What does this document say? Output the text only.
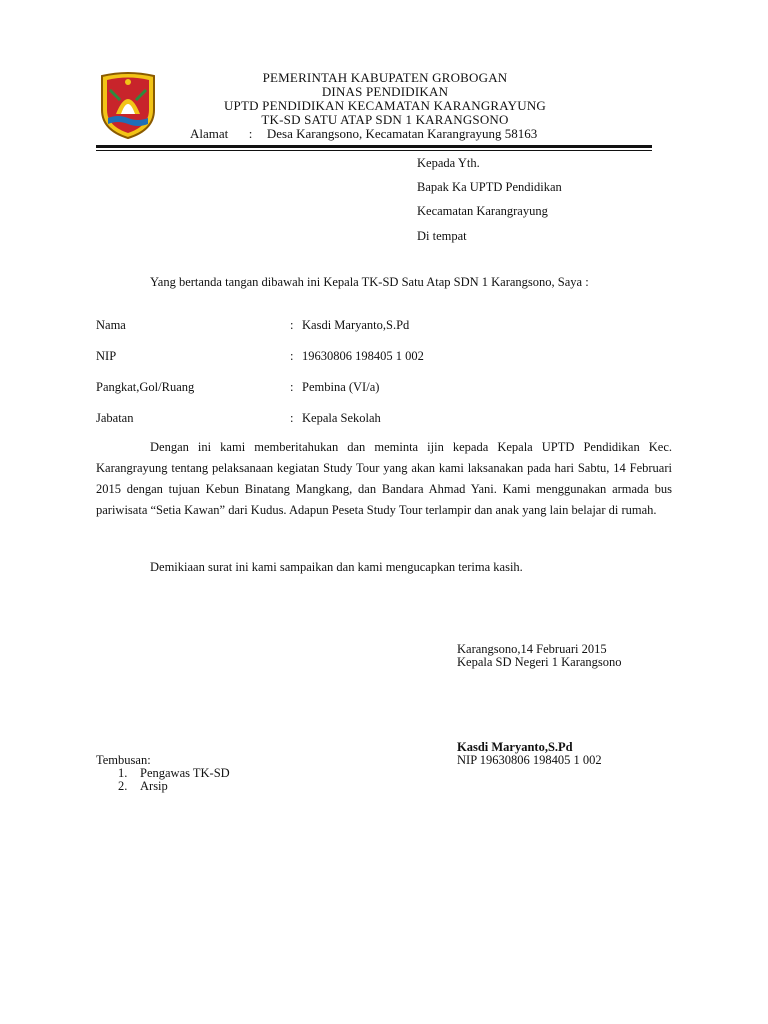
PEMERINTAH KABUPATEN GROBOGAN
DINAS PENDIDIKAN
UPTD PENDIDIKAN KECAMATAN KARANGRAYUNG
TK-SD SATU ATAP SDN 1 KARANGSONO
Alamat : Desa Karangsono, Kecamatan Karangrayung 58163
Kepada Yth.
Bapak Ka UPTD Pendidikan
Kecamatan Karangrayung
Di tempat
Yang bertanda tangan dibawah ini Kepala TK-SD Satu Atap SDN 1 Karangsono, Saya :
Nama	: Kasdi Maryanto,S.Pd
NIP	: 19630806 198405 1 002
Pangkat,Gol/Ruang	: Pembina (VI/a)
Jabatan	: Kepala Sekolah
Dengan ini kami memberitahukan dan meminta ijin kepada Kepala UPTD Pendidikan Kec. Karangrayung tentang pelaksanaan kegiatan Study Tour yang akan kami laksanakan pada hari Sabtu, 14 Februari 2015 dengan tujuan Kebun Binatang Mangkang, dan Bandara Ahmad Yani. Kami menggunakan armada bus pariwisata “Setia Kawan” dari Kudus. Adapun Peseta Study Tour terlampir dan anak yang lain belajar di rumah.
Demikiaan surat ini kami sampaikan dan kami mengucapkan terima kasih.
Karangsono,14 Februari 2015
Kepala SD Negeri 1 Karangsono
Kasdi Maryanto,S.Pd
NIP 19630806 198405 1 002
Tembusan:
1. Pengawas TK-SD
2. Arsip
